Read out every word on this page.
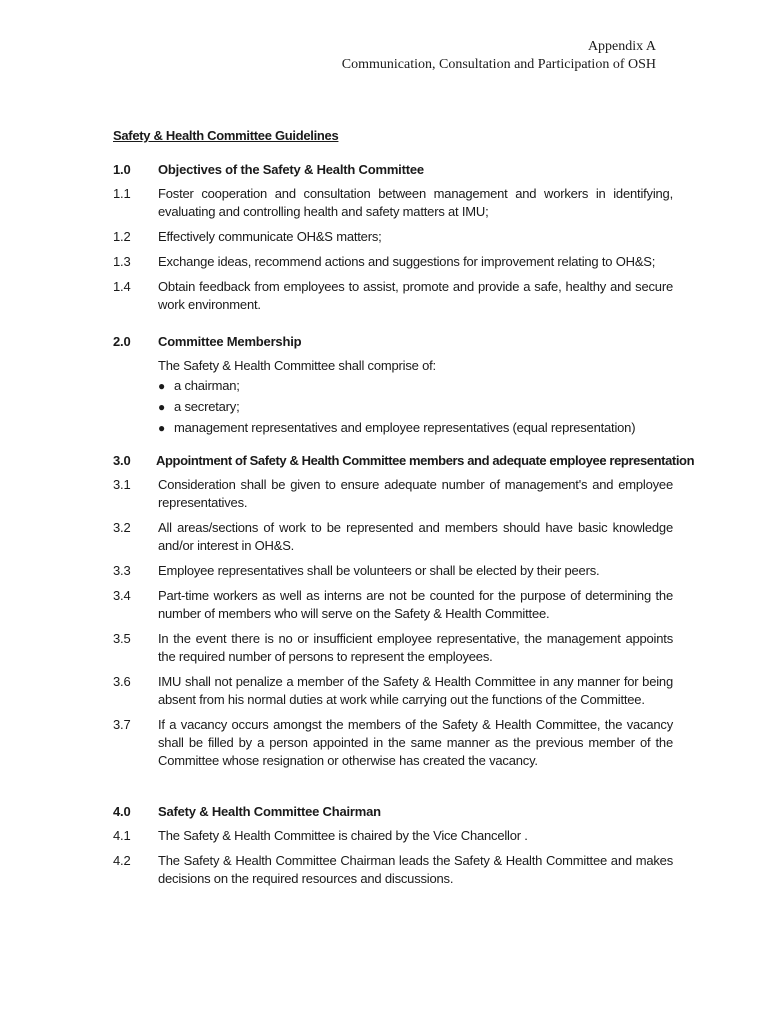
Appendix A
Communication, Consultation and Participation of OSH
Safety & Health Committee Guidelines
1.0	Objectives of the Safety & Health Committee
1.1	Foster cooperation and consultation between management and workers in identifying, evaluating and controlling health and safety matters at IMU;
1.2	Effectively communicate OH&S matters;
1.3	Exchange ideas, recommend actions and suggestions for improvement relating to OH&S;
1.4	Obtain feedback from employees to assist, promote and provide a safe, healthy and secure work environment.
2.0	Committee Membership
The Safety & Health Committee shall comprise of:
● a chairman;
● a secretary;
● management representatives and employee representatives (equal representation)
3.0	Appointment of Safety & Health Committee members and adequate employee representation
3.1	Consideration shall be given to ensure adequate number of management's and employee representatives.
3.2	All areas/sections of work to be represented and members should have basic knowledge and/or interest in OH&S.
3.3	Employee representatives shall be volunteers or shall be elected by their peers.
3.4	Part-time workers as well as interns are not be counted for the purpose of determining the number of members who will serve on the Safety & Health Committee.
3.5	In the event there is no or insufficient employee representative, the management appoints the required number of persons to represent the employees.
3.6	IMU shall not penalize a member of the Safety & Health Committee in any manner for being absent from his normal duties at work while carrying out the functions of the Committee.
3.7	If a vacancy occurs amongst the members of the Safety & Health Committee, the vacancy shall be filled by a person appointed in the same manner as the previous member of the Committee whose resignation or otherwise has created the vacancy.
4.0	Safety & Health Committee Chairman
4.1	The Safety & Health Committee is chaired by the Vice Chancellor .
4.2	The Safety & Health Committee Chairman leads the Safety & Health Committee and makes decisions on the required resources and discussions.
